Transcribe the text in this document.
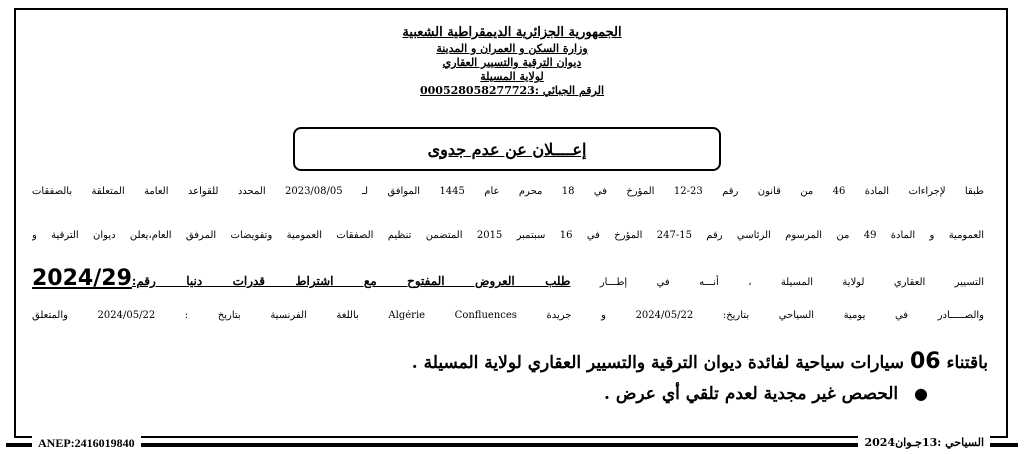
الجمهورية الجزائرية الديمقراطية الشعبية
وزارة السكن و العمران و المدينة
ديوان الترقية والتسيير العقاري
لولاية المسيلة
الرقم الجبائي :000528058277723
إعــــلان عن عدم جدوى
طبقا لإجراءات المادة 46 من قانون رقم 23-12 المؤرخ في 18 محرم عام 1445 الموافق لـ 2023/08/05 المحدد للقواعد العامة المتعلقة بالصفقات
العمومية و المادة 49 من المرسوم الرئاسي رقم 15-247 المؤرخ في 16 سبتمبر 2015 المتضمن تنظيم الصفقات العمومية وتفويضات المرفق العام،يعلن ديوان الترقية و
التسيير العقاري لولاية المسيلة ، أنـــه في إطـــار طلب العروض المفتوح مع اشتراط قدرات دنيا رقم:2024/29
والصـــــادر في يومية السياحي بتاريخ: 2024/05/22 و جريدة Algérie Confluences باللغة الفرنسية بتاريخ : 2024/05/22 والمتعلق
باقتناء 06 سيارات سياحية لفائدة ديوان الترقية والتسيير العقاري لولاية المسيلة .
● الحصص غير مجدية لعدم تلقي أي عرض .
ANEP:2416019840	السياحي :13جـوان2024
